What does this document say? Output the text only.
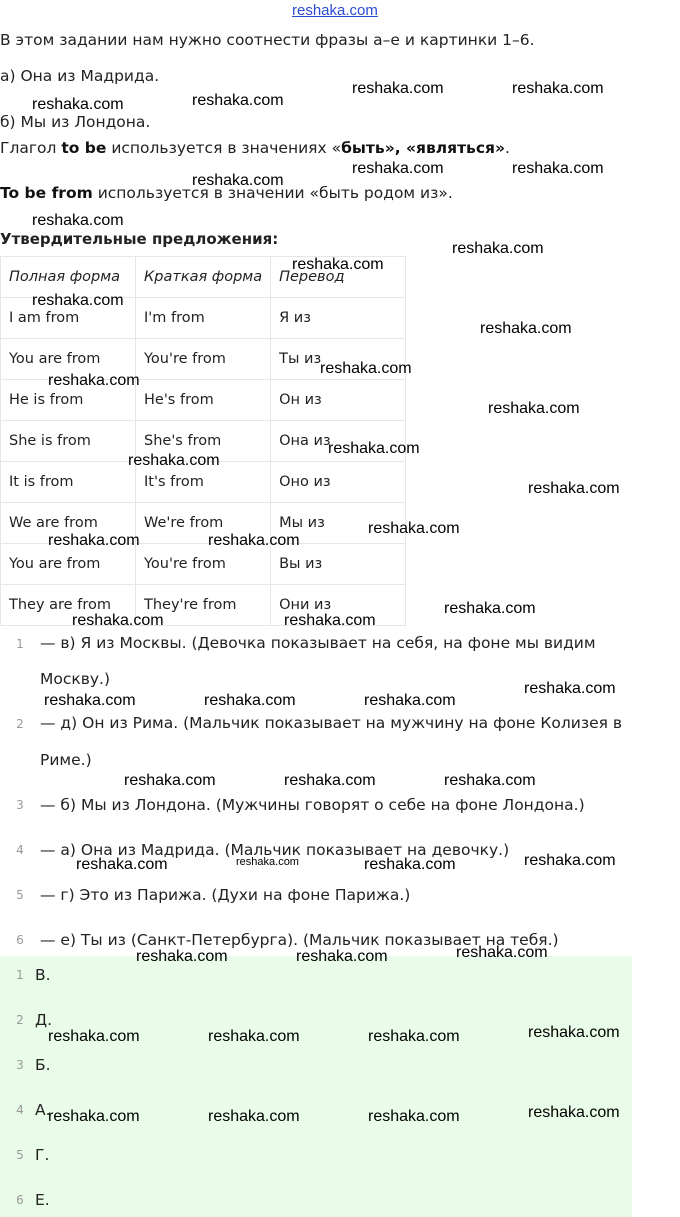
reshaka.com
В этом задании нам нужно соотнести фразы а–е и картинки 1–6.
а) Она из Мадрида.
б) Мы из Лондона.
Глагол to be используется в значениях «быть», «являться».
To be from используется в значении «быть родом из».
Утвердительные предложения:
Полная форма	Краткая форма	Перевод
I am from	I'm from	Я из
You are from	You're from	Ты из
He is from	He's from	Он из
She is from	She's from	Она из
It is from	It's from	Оно из
We are from	We're from	Мы из
You are from	You're from	Вы из
They are from	They're from	Они из
1 — в) Я из Москвы. (Девочка показывает на себя, на фоне мы видим
Москву.)
2 — д) Он из Рима. (Мальчик показывает на мужчину на фоне Колизея в
Риме.)
3 — б) Мы из Лондона. (Мужчины говорят о себе на фоне Лондона.)
4 — а) Она из Мадрида. (Мальчик показывает на девочку.)
5 — г) Это из Парижа. (Духи на фоне Парижа.)
6 — е) Ты из (Санкт-Петербурга). (Мальчик показывает на тебя.)
1 В.
2 Д.
3 Б.
4 А.
5 Г.
6 Е.
reshaka.com	reshaka.com
reshaka.com	reshaka.com
reshaka.com	reshaka.com
reshaka.com
reshaka.com
reshaka.com
reshaka.com
reshaka.com
reshaka.com
reshaka.com
reshaka.com
reshaka.com
reshaka.com
reshaka.com
reshaka.com
reshaka.com
reshaka.com	reshaka.com
reshaka.com
reshaka.com	reshaka.com
reshaka.com
reshaka.com	reshaka.com	reshaka.com
reshaka.com	reshaka.com	reshaka.com
reshaka.com
reshaka.com	reshaka.com	reshaka.com
reshaka.com
reshaka.com	reshaka.com
reshaka.com
reshaka.com	reshaka.com	reshaka.com
reshaka.com
reshaka.com	reshaka.com	reshaka.com
